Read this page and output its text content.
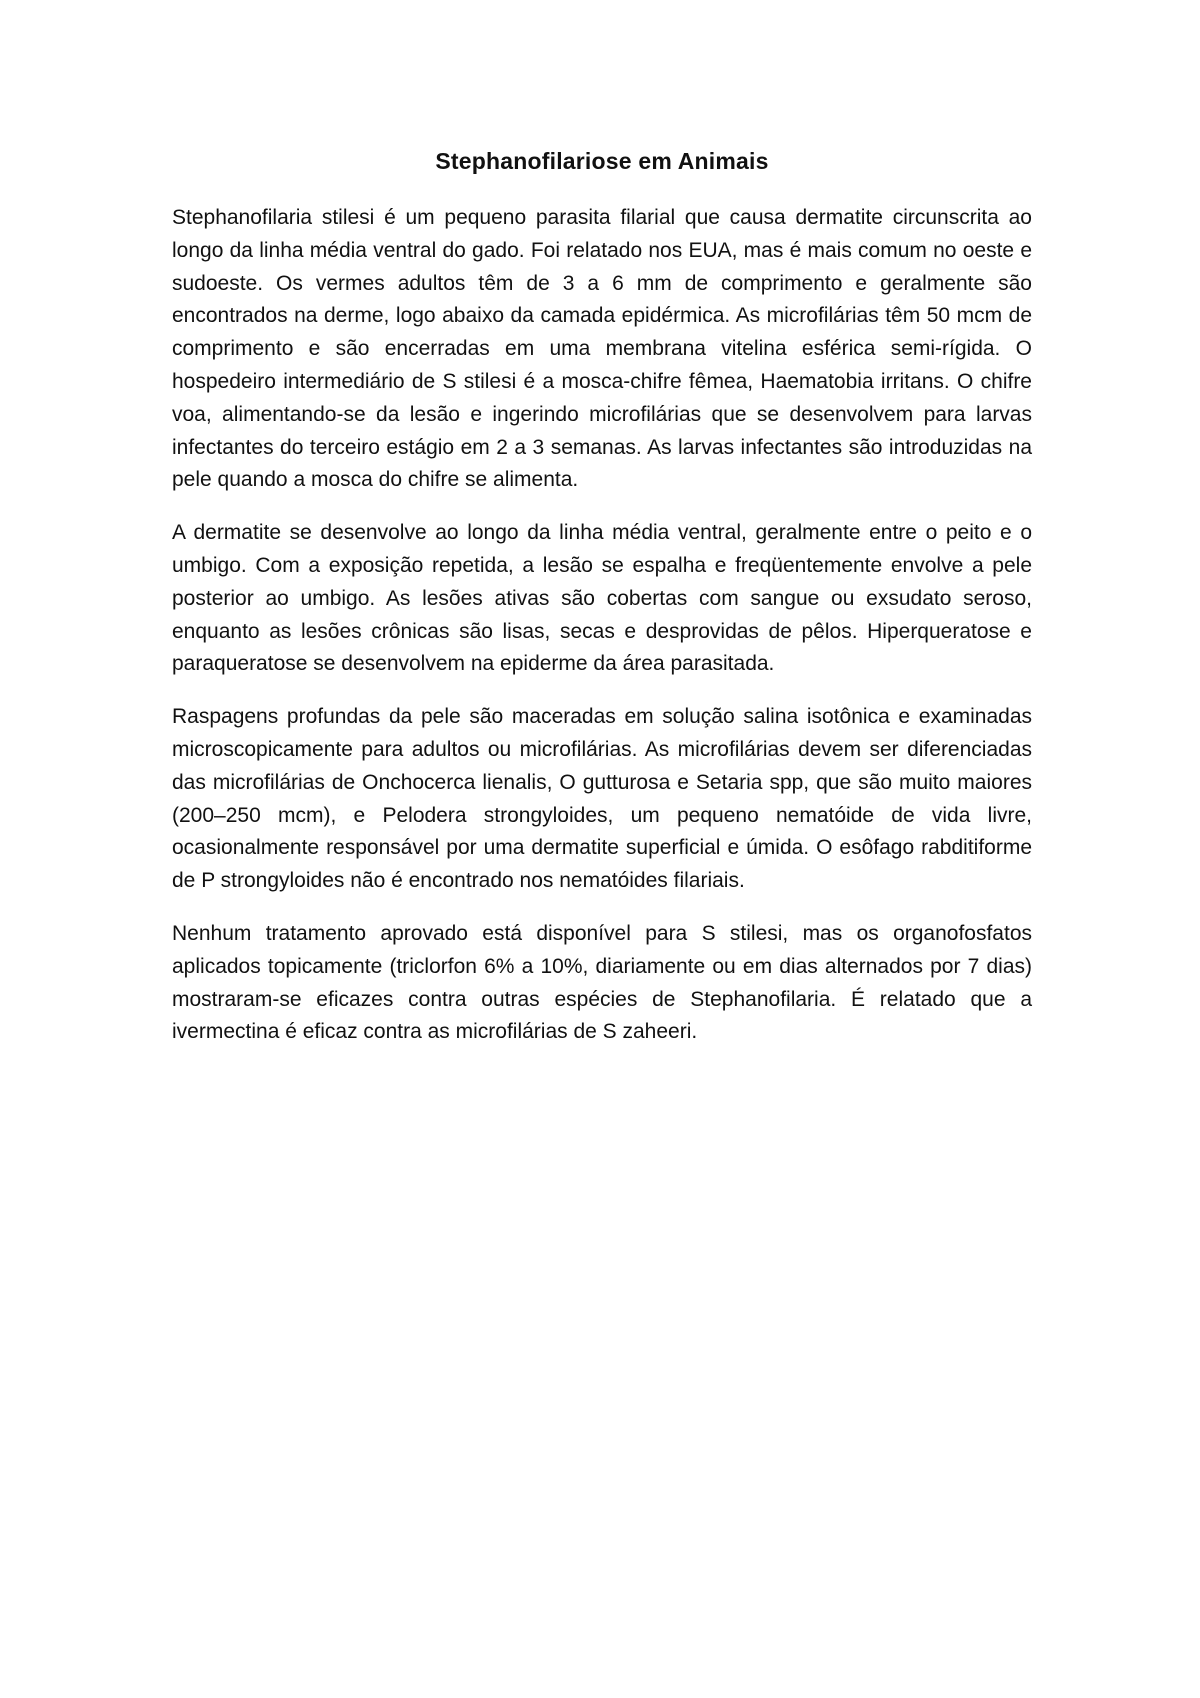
Stephanofilariose em Animais

Stephanofilaria stilesi é um pequeno parasita filarial que causa dermatite circunscrita ao longo da linha média ventral do gado. Foi relatado nos EUA, mas é mais comum no oeste e sudoeste. Os vermes adultos têm de 3 a 6 mm de comprimento e geralmente são encontrados na derme, logo abaixo da camada epidérmica. As microfilárias têm 50 mcm de comprimento e são encerradas em uma membrana vitelina esférica semi-rígida. O hospedeiro intermediário de S stilesi é a mosca-chifre fêmea, Haematobia irritans. O chifre voa, alimentando-se da lesão e ingerindo microfilárias que se desenvolvem para larvas infectantes do terceiro estágio em 2 a 3 semanas. As larvas infectantes são introduzidas na pele quando a mosca do chifre se alimenta.

A dermatite se desenvolve ao longo da linha média ventral, geralmente entre o peito e o umbigo. Com a exposição repetida, a lesão se espalha e freqüentemente envolve a pele posterior ao umbigo. As lesões ativas são cobertas com sangue ou exsudato seroso, enquanto as lesões crônicas são lisas, secas e desprovidas de pêlos. Hiperqueratose e paraqueratose se desenvolvem na epiderme da área parasitada.

Raspagens profundas da pele são maceradas em solução salina isotônica e examinadas microscopicamente para adultos ou microfilárias. As microfilárias devem ser diferenciadas das microfilárias de Onchocerca lienalis, O gutturosa e Setaria spp, que são muito maiores (200–250 mcm), e Pelodera strongyloides, um pequeno nematóide de vida livre, ocasionalmente responsável por uma dermatite superficial e úmida. O esôfago rabditiforme de P strongyloides não é encontrado nos nematóides filariais.

Nenhum tratamento aprovado está disponível para S stilesi, mas os organofosfatos aplicados topicamente (triclorfon 6% a 10%, diariamente ou em dias alternados por 7 dias) mostraram-se eficazes contra outras espécies de Stephanofilaria. É relatado que a ivermectina é eficaz contra as microfilárias de S zaheeri.
